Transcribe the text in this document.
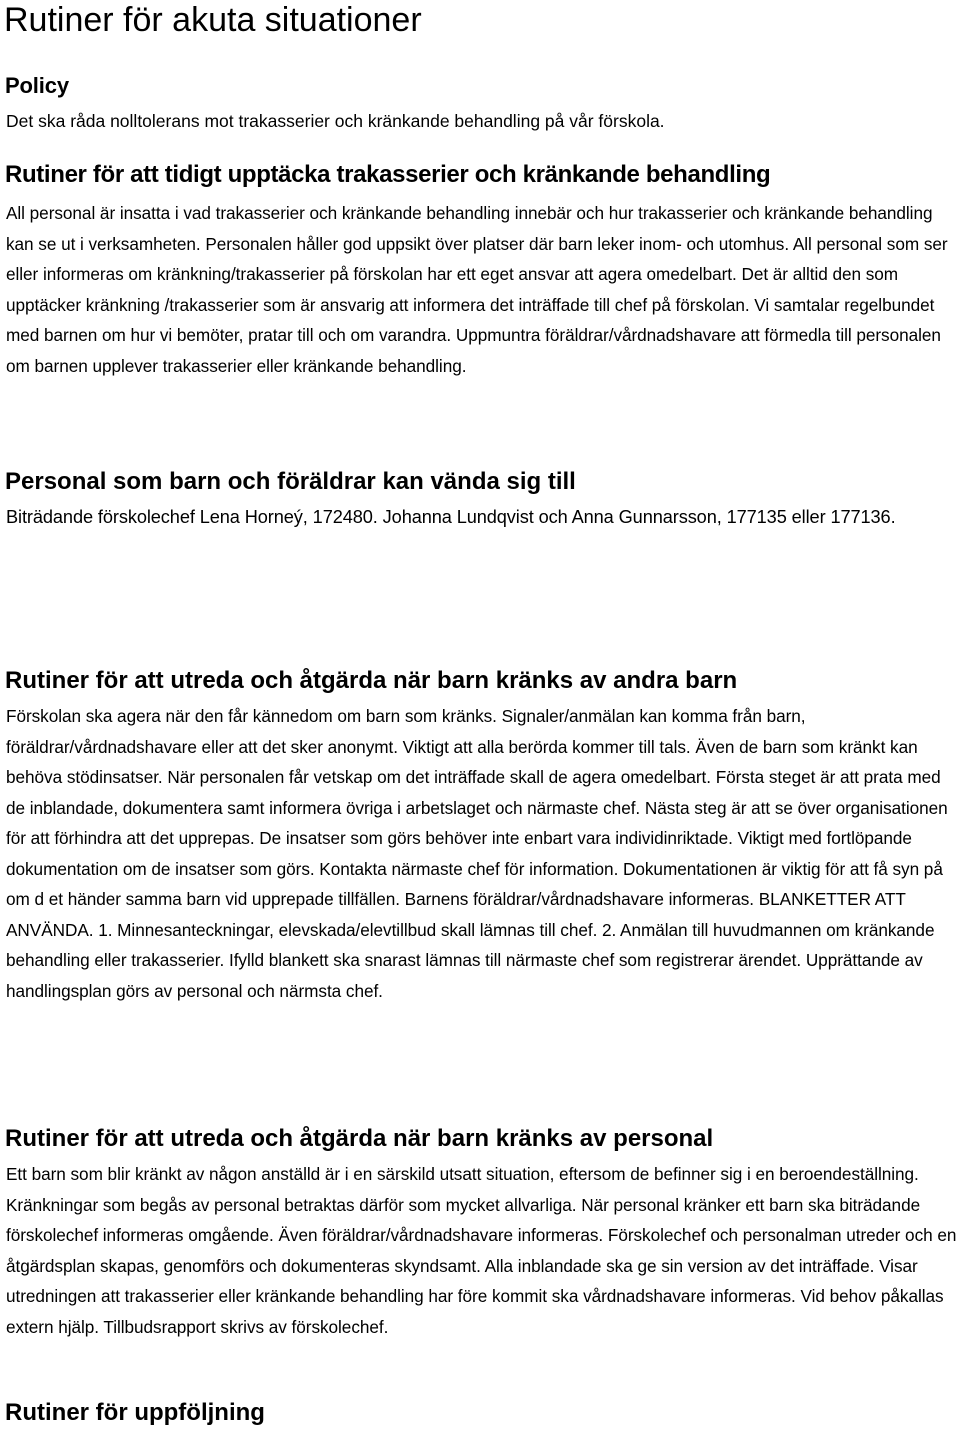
Rutiner för akuta situationer
Policy

Det ska råda nolltolerans mot trakasserier och kränkande behandling på vår förskola.

Rutiner för att tidigt upptäcka trakasserier och kränkande behandling

All personal är insatta i vad trakasserier och kränkande behandling innebär och hur trakasserier och kränkande behandling kan se ut i verksamheten. Personalen håller god uppsikt över platser där barn leker inom- och utomhus. All personal som ser eller informeras om kränkning/trakasserier på förskolan har ett eget ansvar att agera omedelbart. Det är alltid den som upptäcker kränkning /trakasserier som är ansvarig att informera det inträffade till chef på förskolan. Vi samtalar regelbundet med barnen om hur vi bemöter, pratar till och om varandra. Uppmuntra föräldrar/vårdnadshavare att förmedla till personalen om barnen upplever trakasserier eller kränkande behandling.

Personal som barn och föräldrar kan vända sig till

Biträdande förskolechef Lena Horneý, 172480. Johanna Lundqvist och Anna Gunnarsson, 177135 eller 177136.

Rutiner för att utreda och åtgärda när barn kränks av andra barn

Förskolan ska agera när den får kännedom om barn som kränks. Signaler/anmälan kan komma från barn, föräldrar/vårdnadshavare eller att det sker anonymt. Viktigt att alla berörda kommer till tals. Även de barn som kränkt kan behöva stödinsatser. När personalen får vetskap om det inträffade skall de agera omedelbart. Första steget är att prata med de inblandade, dokumentera samt informera övriga i arbetslaget och närmaste chef. Nästa steg är att se över organisationen för att förhindra att det upprepas. De insatser som görs behöver inte enbart vara individinriktade. Viktigt med fortlöpande dokumentation om de insatser som görs. Kontakta närmaste chef för information. Dokumentationen är viktig för att få syn på om d et händer samma barn vid upprepade tillfällen. Barnens föräldrar/vårdnadshavare informeras. BLANKETTER ATT ANVÄNDA. 1. Minnesanteckningar, elevskada/elevtillbud skall lämnas till chef. 2. Anmälan till huvudmannen om kränkande behandling eller trakasserier. Ifylld blankett ska snarast lämnas till närmaste chef som registrerar ärendet. Upprättande av handlingsplan görs av personal och närmsta chef.

Rutiner för att utreda och åtgärda när barn kränks av personal

Ett barn som blir kränkt av någon anställd är i en särskild utsatt situation, eftersom de befinner sig i en beroendeställning. Kränkningar som begås av personal betraktas därför som mycket allvarliga. När personal kränker ett barn ska biträdande förskolechef informeras omgående. Även föräldrar/vårdnadshavare informeras. Förskolechef och personalman utreder och en åtgärdsplan skapas, genomförs och dokumenteras skyndsamt. Alla inblandade ska ge sin version av det inträffade. Visar utredningen att trakasserier eller kränkande behandling har före kommit ska vårdnadshavare informeras. Vid behov påkallas extern hjälp. Tillbudsrapport skrivs av förskolechef.

Rutiner för uppföljning
